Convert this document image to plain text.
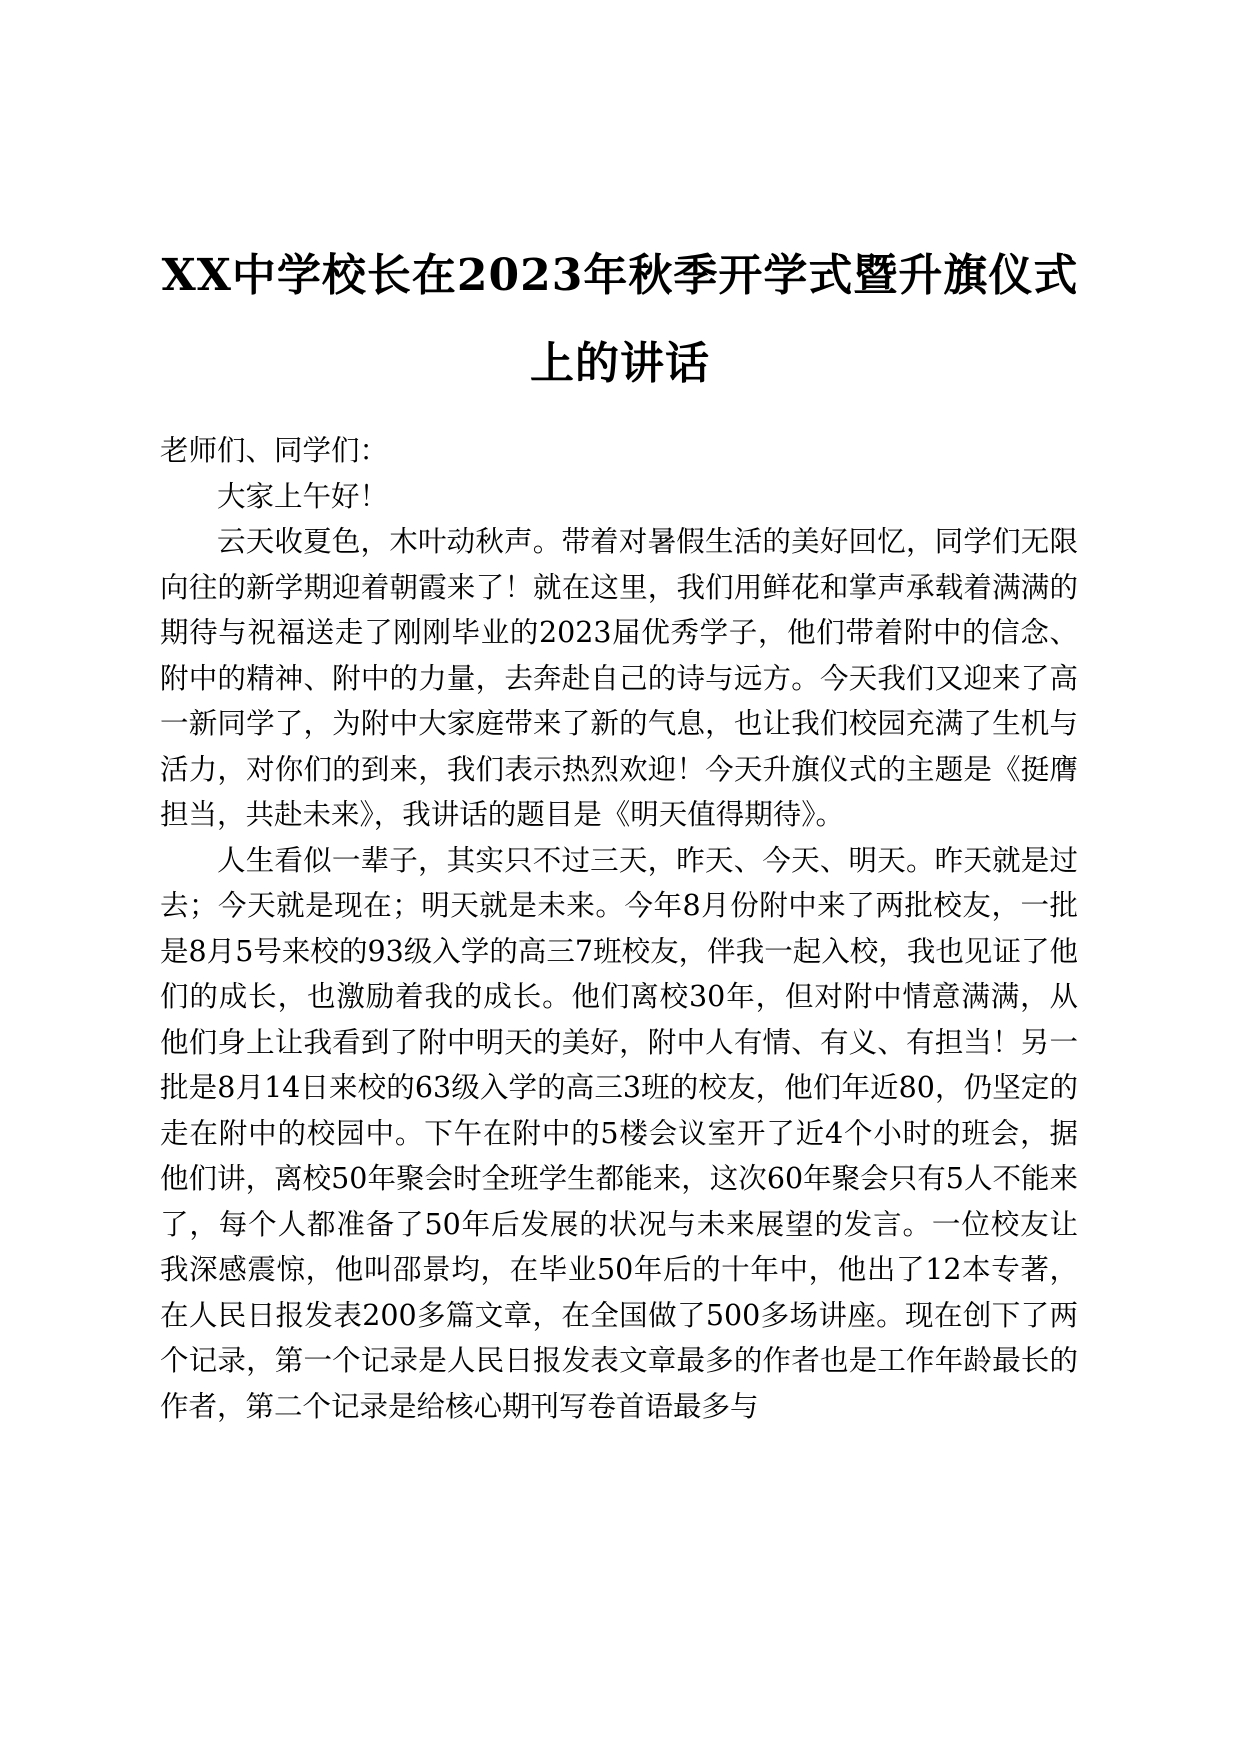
XX中学校长在2023年秋季开学式暨升旗仪式
上的讲话

老师们、同学们：

大家上午好！

云天收夏色，木叶动秋声。带着对暑假生活的美好回忆，同学们无限向往的新学期迎着朝霞来了！就在这里，我们用鲜花和掌声承载着满满的期待与祝福送走了刚刚毕业的2023届优秀学子，他们带着附中的信念、附中的精神、附中的力量，去奔赴自己的诗与远方。今天我们又迎来了高一新同学了，为附中大家庭带来了新的气息，也让我们校园充满了生机与活力，对你们的到来，我们表示热烈欢迎！今天升旗仪式的主题是《挺膺担当，共赴未来》，我讲话的题目是《明天值得期待》。

人生看似一辈子，其实只不过三天，昨天、今天、明天。昨天就是过去；今天就是现在；明天就是未来。今年8月份附中来了两批校友，一批是8月5号来校的93级入学的高三7班校友，伴我一起入校，我也见证了他们的成长，也激励着我的成长。他们离校30年，但对附中情意满满，从他们身上让我看到了附中明天的美好，附中人有情、有义、有担当！另一批是8月14日来校的63级入学的高三3班的校友，他们年近80，仍坚定的走在附中的校园中。下午在附中的5楼会议室开了近4个小时的班会，据他们讲，离校50年聚会时全班学生都能来，这次60年聚会只有5人不能来了，每个人都准备了50年后发展的状况与未来展望的发言。一位校友让我深感震惊，他叫邵景均，在毕业50年后的十年中，他出了12本专著，在人民日报发表200多篇文章，在全国做了500多场讲座。现在创下了两个记录，第一个记录是人民日报发表文章最多的作者也是工作年龄最长的作者，第二个记录是给核心期刊写卷首语最多与
